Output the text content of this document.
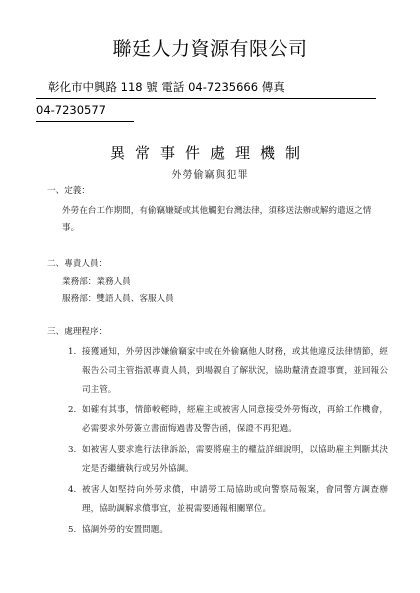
聯廷人力資源有限公司
彰化市中興路 118 號 電話 04-7235666 傳真
04-7230577
異常事件處理機制
外勞偷竊與犯罪
一、定義：
外勞在台工作期間，有偷竊嫌疑或其他觸犯台灣法律，須移送法辦或解約遣返之情事。
二、專責人員：
業務部：業務人員
服務部：雙語人員、客服人員
三、處理程序：
1. 接獲通知，外勞因涉嫌偷竊家中或在外偷竊他人財務，或其他違反法律情節，經報告公司主管指派專責人員，到場親自了解狀況，協助釐清查證事實，並回報公司主管。
2. 如確有其事，情節較輕時，經雇主或被害人同意接受外勞悔改，再給工作機會，必需要求外勞簽立書面悔過書及警告函，保證不再犯過。
3. 如被害人要求進行法律訴訟，需要將雇主的權益詳細說明，以協助雇主判斷其決定是否繼續執行或另外協調。
4. 被害人如堅持向外勞求償，申請勞工局協助或向警察局報案，會同警方調查辦理，協助調解求償事宜，並視需要通報相關單位。
5. 協調外勞的安置問題。
